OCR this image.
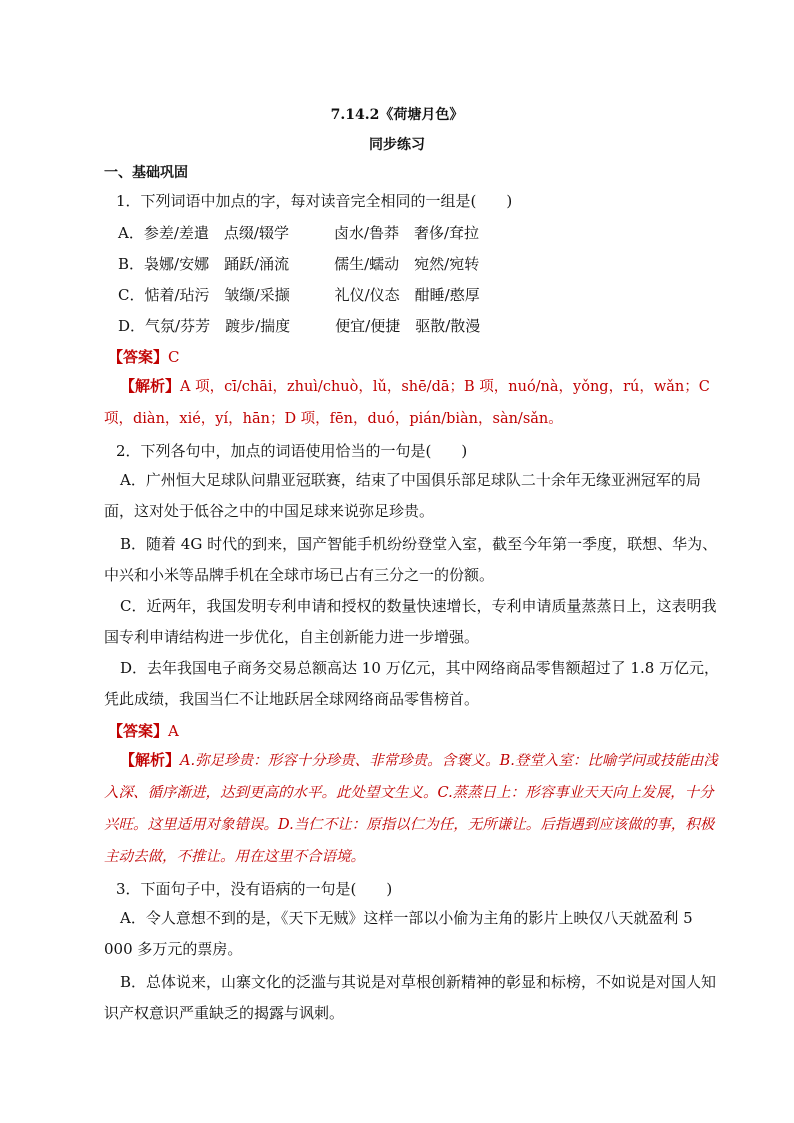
7.14.2《荷塘月色》
同步练习
一、基础巩固
1．下列词语中加点的字，每对读音完全相同的一组是(　　)
A．参差/差遣　点缀/辍学　　　卤水/鲁莽　奢侈/耷拉
B．袅娜/安娜　踊跃/涌流　　　儒生/蠕动　宛然/宛转
C．惦着/玷污　皱缬/采撷　　　礼仪/仪态　酣睡/憨厚
D．气氛/芬芳　踱步/揣度　　　便宜/便捷　驱散/散漫
【答案】C

【解析】A 项，cī/chāi，zhuì/chuò，lǔ，shē/dā；B 项，nuó/nà，yǒng，rú，wǎn；C 项，diàn，xié，yí，hān；D 项，fēn，duó，pián/biàn，sàn/sǎn。

2．下列各句中，加点的词语使用恰当的一句是(　　)

A．广州恒大足球队问鼎亚冠联赛，结束了中国俱乐部足球队二十余年无缘亚洲冠军的局面，这对处于低谷之中的中国足球来说弥足珍贵。

B．随着 4G 时代的到来，国产智能手机纷纷登堂入室，截至今年第一季度，联想、华为、中兴和小米等品牌手机在全球市场已占有三分之一的份额。

C．近两年，我国发明专利申请和授权的数量快速增长，专利申请质量蒸蒸日上，这表明我国专利申请结构进一步优化，自主创新能力进一步增强。

D．去年我国电子商务交易总额高达 10 万亿元，其中网络商品零售额超过了 1.8 万亿元，凭此成绩，我国当仁不让地跃居全球网络商品零售榜首。

【答案】A

【解析】A.弥足珍贵：形容十分珍贵、非常珍贵。含褒义。B.登堂入室：比喻学问或技能由浅入深、循序渐进，达到更高的水平。此处望文生义。C.蒸蒸日上：形容事业天天向上发展，十分兴旺。这里适用对象错误。D.当仁不让：原指以仁为任，无所谦让。后指遇到应该做的事，积极主动去做，不推让。用在这里不合语境。

3．下面句子中，没有语病的一句是(　　)

A．令人意想不到的是，《天下无贼》这样一部以小偷为主角的影片上映仅八天就盈利 5 000 多万元的票房。

B．总体说来，山寨文化的泛滥与其说是对草根创新精神的彰显和标榜，不如说是对国人知识产权意识严重缺乏的揭露与讽刺。
